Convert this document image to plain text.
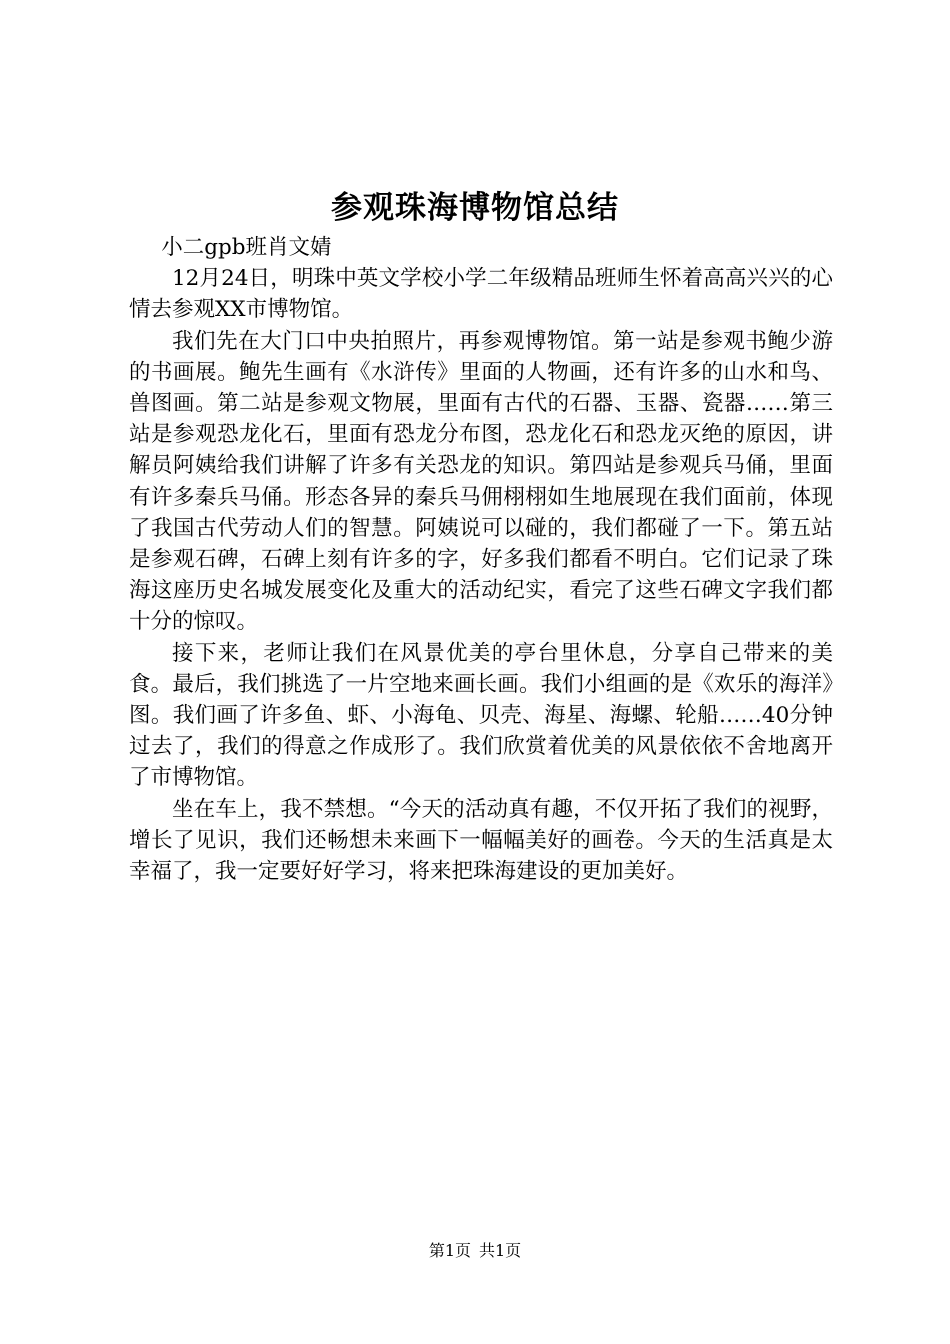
参观珠海博物馆总结

小二gpb班肖文婧

12月24日，明珠中英文学校小学二年级精品班师生怀着高高兴兴的心情去参观XX市博物馆。

我们先在大门口中央拍照片，再参观博物馆。第一站是参观书鲍少游的书画展。鲍先生画有《水浒传》里面的人物画，还有许多的山水和鸟、兽图画。第二站是参观文物展，里面有古代的石器、玉器、瓷器……第三站是参观恐龙化石，里面有恐龙分布图，恐龙化石和恐龙灭绝的原因，讲解员阿姨给我们讲解了许多有关恐龙的知识。第四站是参观兵马俑，里面有许多秦兵马俑。形态各异的秦兵马佣栩栩如生地展现在我们面前，体现了我国古代劳动人们的智慧。阿姨说可以碰的，我们都碰了一下。第五站是参观石碑，石碑上刻有许多的字，好多我们都看不明白。它们记录了珠海这座历史名城发展变化及重大的活动纪实，看完了这些石碑文字我们都十分的惊叹。

接下来，老师让我们在风景优美的亭台里休息，分享自己带来的美食。最后，我们挑选了一片空地来画长画。我们小组画的是《欢乐的海洋》图。我们画了许多鱼、虾、小海龟、贝壳、海星、海螺、轮船……40分钟过去了，我们的得意之作成形了。我们欣赏着优美的风景依依不舍地离开了市博物馆。

坐在车上，我不禁想。“今天的活动真有趣，不仅开拓了我们的视野，增长了见识，我们还畅想未来画下一幅幅美好的画卷。今天的生活真是太幸福了，我一定要好好学习，将来把珠海建设的更加美好。

第1页 共1页
